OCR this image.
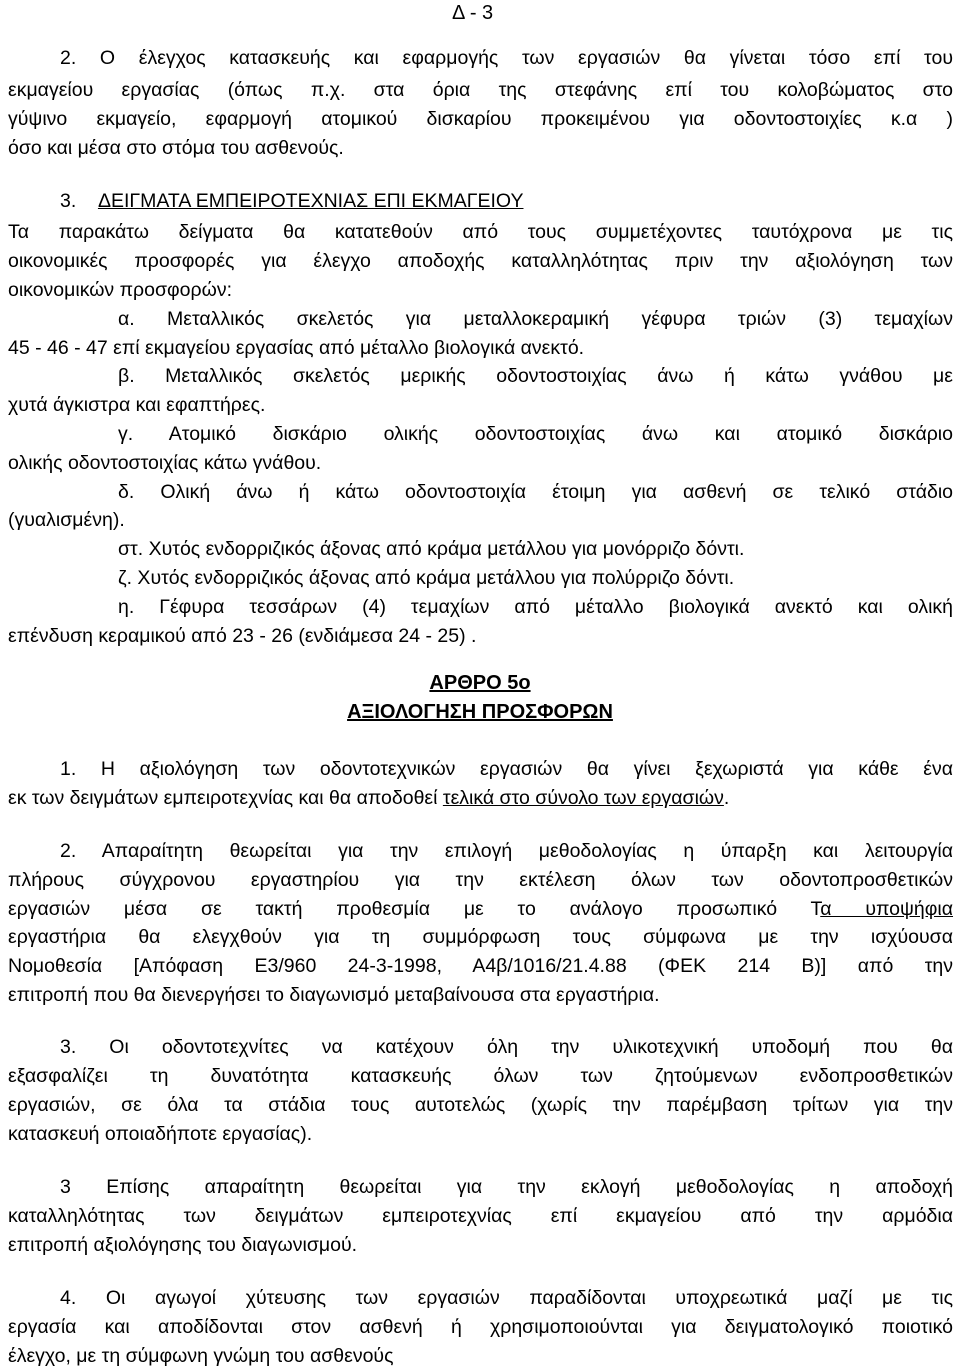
Δ - 3

2. Ο έλεγχος κατασκευής και εφαρμογής των εργασιών θα γίνεται τόσο επί του

εκμαγείου εργασίας (όπως π.χ. στα όρια της στεφάνης επί του κολοβώματος στο

γύψινο εκμαγείο, εφαρμογή ατομικού δισκαρίου προκειμένου για οδοντοστοιχίες κ.α )

όσο και μέσα στο στόμα του ασθενούς.

3. ΔΕΙΓΜΑΤΑ ΕΜΠΕΙΡΟΤΕΧΝΙΑΣ ΕΠΙ ΕΚΜΑΓΕΙΟΥ

Τα παρακάτω δείγματα θα κατατεθούν από τους συμμετέχοντες ταυτόχρονα με τις

οικονομικές προσφορές για έλεγχο αποδοχής καταλληλότητας πριν την αξιολόγηση των

οικονομικών προσφορών:

α. Μεταλλικός σκελετός για μεταλλοκεραμική γέφυρα τριών (3) τεμαχίων

45 - 46 - 47 επί εκμαγείου εργασίας από μέταλλο βιολογικά ανεκτό.

β. Μεταλλικός σκελετός μερικής οδοντοστοιχίας άνω ή κάτω γνάθου με

χυτά άγκιστρα και εφαπτήρες.

γ. Ατομικό δισκάριο ολικής οδοντοστοιχίας άνω και ατομικό δισκάριο

ολικής οδοντοστοιχίας κάτω γνάθου.

δ. Ολική άνω ή κάτω οδοντοστοιχία έτοιμη για ασθενή σε τελικό στάδιο

(γυαλισμένη).

στ. Χυτός ενδορριζικός άξονας από κράμα μετάλλου για μονόρριζο δόντι.

ζ. Χυτός ενδορριζικός άξονας από κράμα μετάλλου για πολύρριζο δόντι.

η. Γέφυρα τεσσάρων (4) τεμαχίων από μέταλλο βιολογικά ανεκτό και ολική

επένδυση κεραμικού από 23 - 26 (ενδιάμεσα 24 - 25) .

ΑΡΘΡΟ 5ο
ΑΞΙΟΛΟΓΗΣΗ ΠΡΟΣΦΟΡΩΝ

1. Η αξιολόγηση των οδοντοτεχνικών εργασιών θα γίνει ξεχωριστά για κάθε ένα

εκ των δειγμάτων εμπειροτεχνίας και θα αποδοθεί τελικά στο σύνολο των εργασιών.

2. Απαραίτητη θεωρείται για την επιλογή μεθοδολογίας η ύπαρξη και λειτουργία

πλήρους σύγχρονου εργαστηρίου για την εκτέλεση όλων των οδοντοπροσθετικών

εργασιών μέσα σε τακτή προθεσμία με το ανάλογο προσωπικό Τα υποψήφια

εργαστήρια θα ελεγχθούν για τη συμμόρφωση τους σύμφωνα με την ισχύουσα

Νομοθεσία [Απόφαση Ε3/960 24-3-1998, Α4β/1016/21.4.88 (ΦΕΚ 214 Β)] από την

επιτροπή που θα διενεργήσει το διαγωνισμό μεταβαίνουσα στα εργαστήρια.

3. Οι οδοντοτεχνίτες να κατέχουν όλη την υλικοτεχνική υποδομή που θα

εξασφαλίζει τη δυνατότητα κατασκευής όλων των ζητούμενων ενδοπροσθετικών

εργασιών, σε όλα τα στάδια τους αυτοτελώς (χωρίς την παρέμβαση τρίτων για την

κατασκευή οποιαδήποτε εργασίας).

3 Επίσης απαραίτητη θεωρείται για την εκλογή μεθοδολογίας η αποδοχή

καταλληλότητας των δειγμάτων εμπειροτεχνίας επί εκμαγείου από την αρμόδια

επιτροπή αξιολόγησης του διαγωνισμού.

4. Οι αγωγοί χύτευσης των εργασιών παραδίδονται υποχρεωτικά μαζί με τις

εργασία και αποδίδονται στον ασθενή ή χρησιμοποιούνται για δειγματολογικό ποιοτικό

έλεγχο, με τη σύμφωνη γνώμη του ασθενούς
